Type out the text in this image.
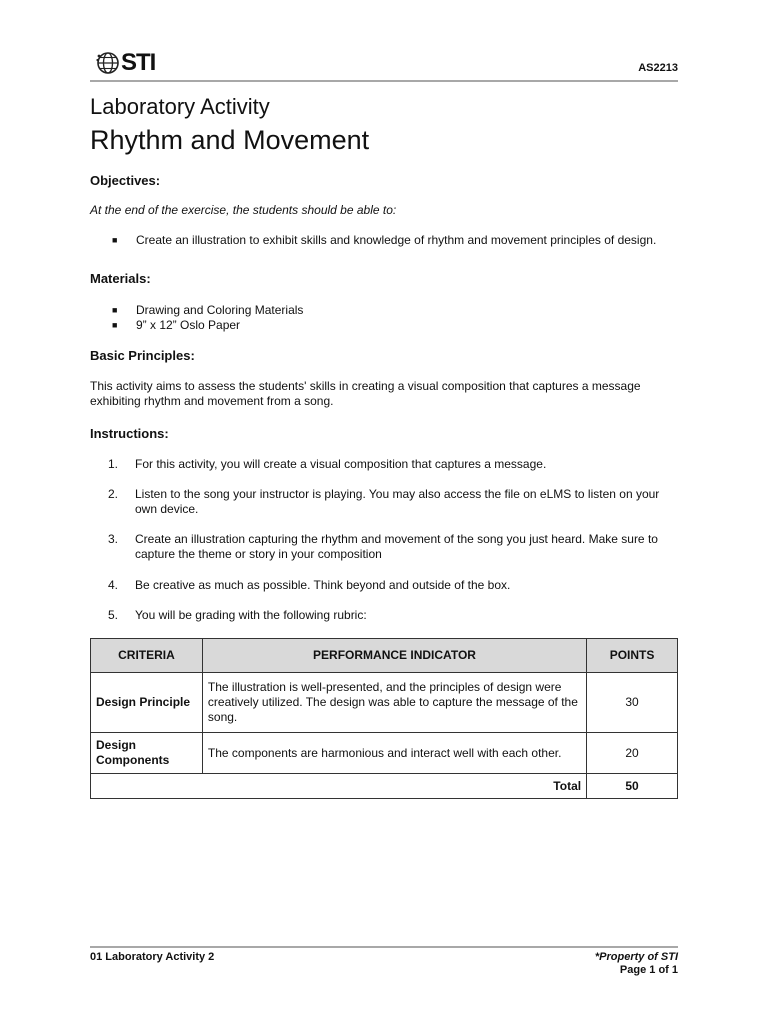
STI	AS2213
Laboratory Activity
Rhythm and Movement
Objectives:
At the end of the exercise, the students should be able to:
■	Create an illustration to exhibit skills and knowledge of rhythm and movement principles of design.
Materials:
■	Drawing and Coloring Materials
■	9” x 12” Oslo Paper
Basic Principles:
This activity aims to assess the students' skills in creating a visual composition that captures a message exhibiting rhythm and movement from a song.
Instructions:
1.	For this activity, you will create a visual composition that captures a message.
2.	Listen to the song your instructor is playing. You may also access the file on eLMS to listen on your own device.
3.	Create an illustration capturing the rhythm and movement of the song you just heard. Make sure to capture the theme or story in your composition
4.	Be creative as much as possible. Think beyond and outside of the box.
5.	You will be grading with the following rubric:
CRITERIA	PERFORMANCE INDICATOR	POINTS
Design Principle	The illustration is well-presented, and the principles of design were creatively utilized. The design was able to capture the message of the song.	30
Design Components	The components are harmonious and interact well with each other.	20
Total		50
01 Laboratory Activity 2	*Property of STI
Page 1 of 1
